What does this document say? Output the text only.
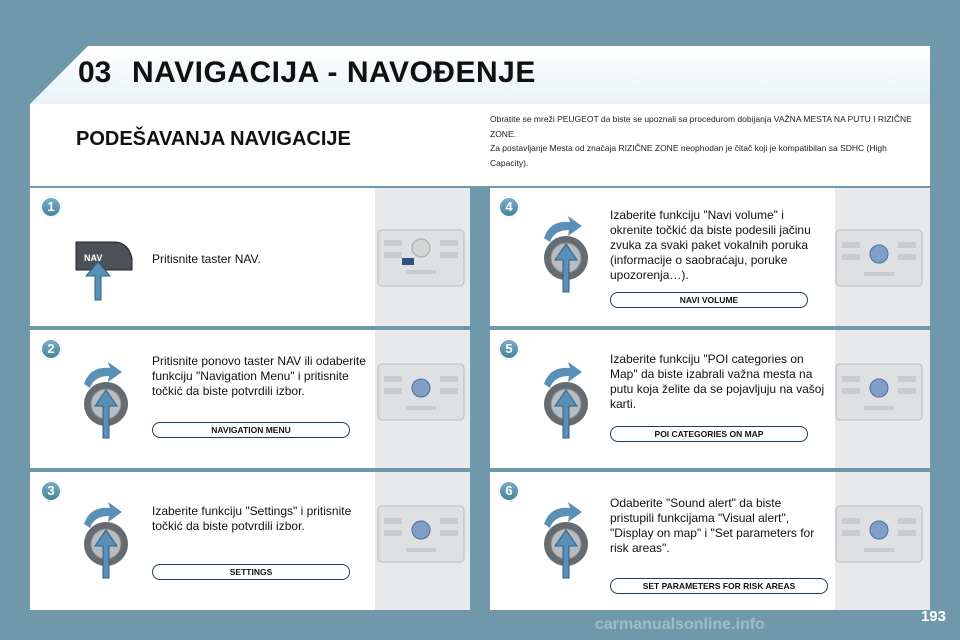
03 NAVIGACIJA - NAVOĐENJE
PODEŠAVANJA NAVIGACIJE
Obratite se mreži PEUGEOT da biste se upoznali sa procedurom dobijanja VAŽNA MESTA NA PUTU I RIZIČNE ZONE.
Za postavljanje Mesta od značaja RIZIČNE ZONE neophodan je čitač koji je kompatibilan sa SDHC (High Capacity).
1
NAV	Pritisnite taster NAV.
2
Pritisnite ponovo taster NAV ili odaberite funkciju "Navigation Menu" i pritisnite točkić da biste potvrdili izbor.
NAVIGATION MENU
3
Izaberite funkciju "Settings" i pritisnite točkić da biste potvrdili izbor.
SETTINGS
4
Izaberite funkciju "Navi volume" i okrenite točkić da biste podesili jačinu zvuka za svaki paket vokalnih poruka (informacije o saobraćaju, poruke upozorenja…).
NAVI VOLUME
5
Izaberite funkciju "POI categories on Map" da biste izabrali važna mesta na putu koja želite da se pojavljuju na vašoj karti.
POI CATEGORIES ON MAP
6
Odaberite "Sound alert" da biste pristupili funkcijama "Visual alert", "Display on map" i "Set parameters for risk areas".
SET PARAMETERS FOR RISK AREAS
193
carmanualsonline.info
